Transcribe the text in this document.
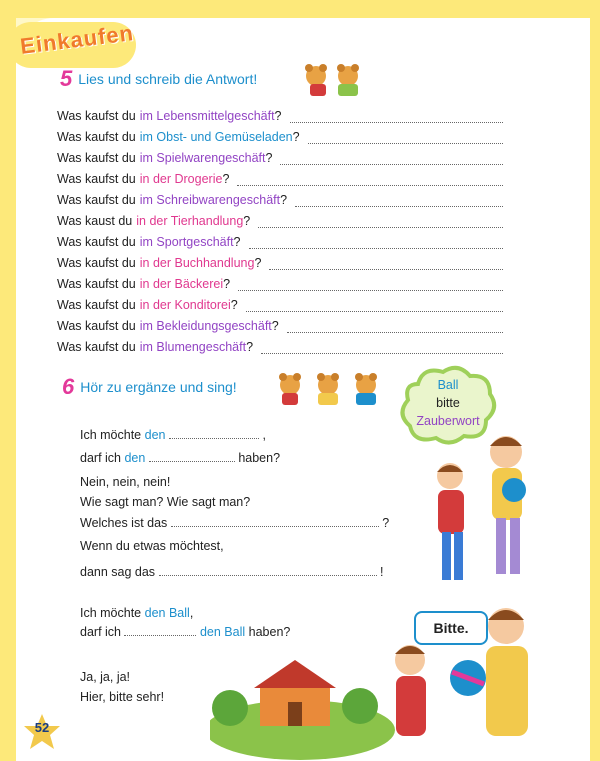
Einkaufen
5 Lies und schreib die Antwort!
Was kaufst du im Lebensmittelgeschäft ?
Was kaufst du im Obst- und Gemüseladen ?
Was kaufst du im Spielwarengeschäft ?
Was kaufst du in der Drogerie ?
Was kaufst du im Schreibwarengeschäft ?
Was kaust du in der Tierhandlung ?
Was kaufst du im Sportgeschäft ?
Was kaufst du in der Buchhandlung ?
Was kaufst du in der Bäckerei ?
Was kaufst du in der Konditorei ?
Was kaufst du im Bekleidungsgeschäft ?
Was kaufst du im Blumengeschäft ?
6 Hör zu ergänze und sing!	Ball
bitte
Zauberwort
Ich möchte den	,
darf ich den	haben?
Nein, nein, nein!
Wie sagt man? Wie sagt man?
Welches ist das	?
Wenn du etwas möchtest,
dann sag das	!
Ich möchte den Ball,
darf ich	den Ball haben?
Ja, ja, ja!
Hier, bitte sehr!
Bitte.
52
